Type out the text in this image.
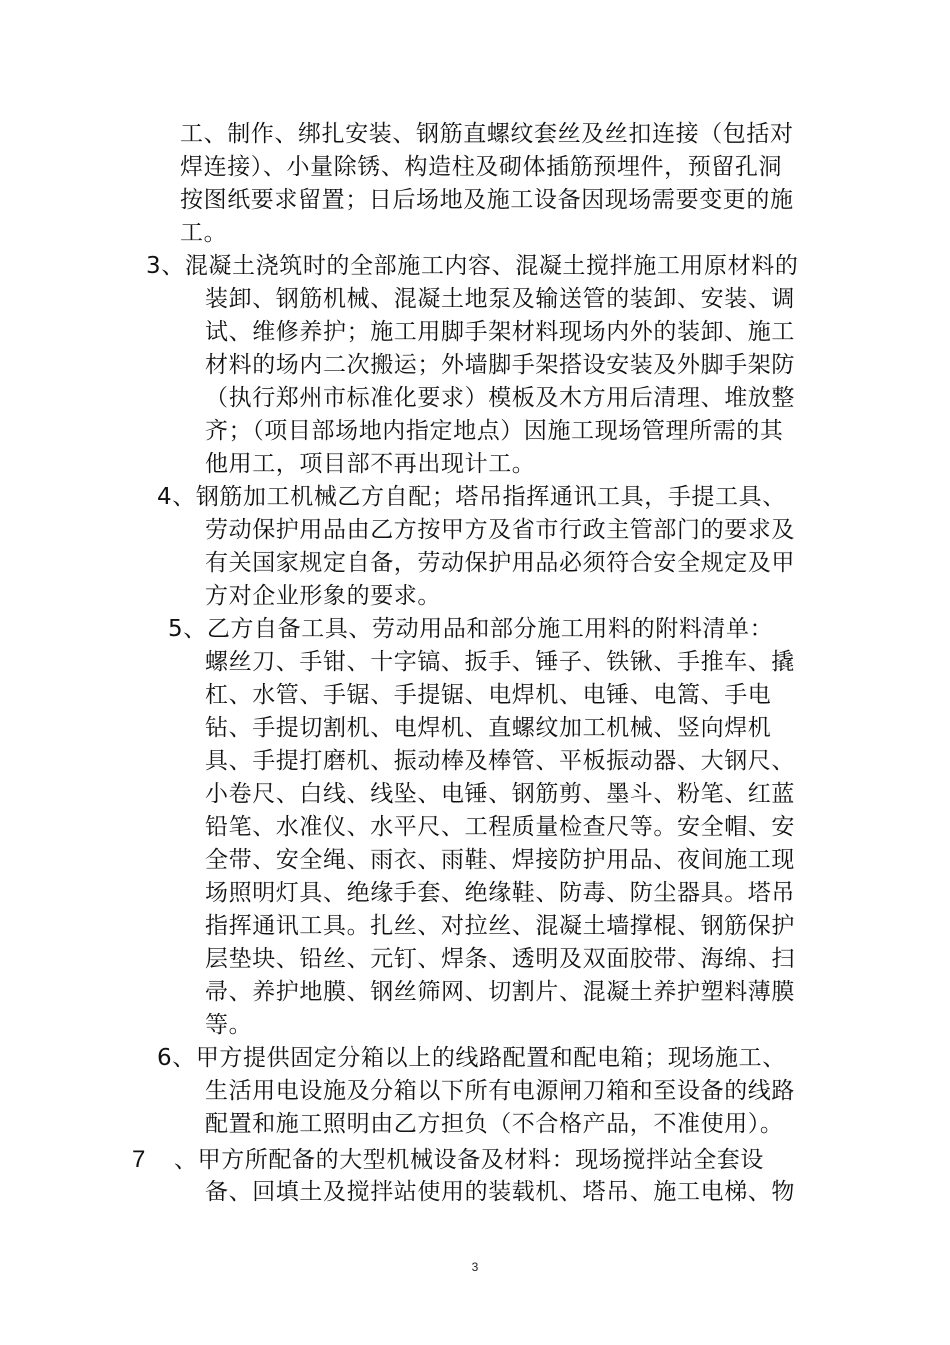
工、制作、绑扎安装、钢筋直螺纹套丝及丝扣连接（包括对
焊连接）、小量除锈、构造柱及砌体插筋预埋件，预留孔洞
按图纸要求留置；日后场地及施工设备因现场需要变更的施
工。
3、混凝土浇筑时的全部施工内容、混凝土搅拌施工用原材料的
装卸、钢筋机械、混凝土地泵及输送管的装卸、安装、调
试、维修养护；施工用脚手架材料现场内外的装卸、施工
材料的场内二次搬运；外墙脚手架搭设安装及外脚手架防
（执行郑州市标准化要求）模板及木方用后清理、堆放整
齐；（项目部场地内指定地点）因施工现场管理所需的其
他用工，项目部不再出现计工。
4、钢筋加工机械乙方自配；塔吊指挥通讯工具，手提工具、
劳动保护用品由乙方按甲方及省市行政主管部门的要求及
有关国家规定自备，劳动保护用品必须符合安全规定及甲
方对企业形象的要求。
5、乙方自备工具、劳动用品和部分施工用料的附料清单：
螺丝刀、手钳、十字镐、扳手、锤子、铁锹、手推车、撬
杠、水管、手锯、手提锯、电焊机、电锤、电篙、手电
钻、手提切割机、电焊机、直螺纹加工机械、竖向焊机
具、手提打磨机、振动棒及棒管、平板振动器、大钢尺、
小卷尺、白线、线坠、电锤、钢筋剪、墨斗、粉笔、红蓝
铅笔、水准仪、水平尺、工程质量检查尺等。安全帽、安
全带、安全绳、雨衣、雨鞋、焊接防护用品、夜间施工现
场照明灯具、绝缘手套、绝缘鞋、防毒、防尘器具。塔吊
指挥通讯工具。扎丝、对拉丝、混凝土墙撑棍、钢筋保护
层垫块、铅丝、元钉、焊条、透明及双面胶带、海绵、扫
帚、养护地膜、钢丝筛网、切割片、混凝土养护塑料薄膜
等。
6、甲方提供固定分箱以上的线路配置和配电箱；现场施工、
生活用电设施及分箱以下所有电源闸刀箱和至设备的线路
配置和施工照明由乙方担负（不合格产品，不准使用）。
7 、甲方所配备的大型机械设备及材料：现场搅拌站全套设
备、回填土及搅拌站使用的装载机、塔吊、施工电梯、物
3
